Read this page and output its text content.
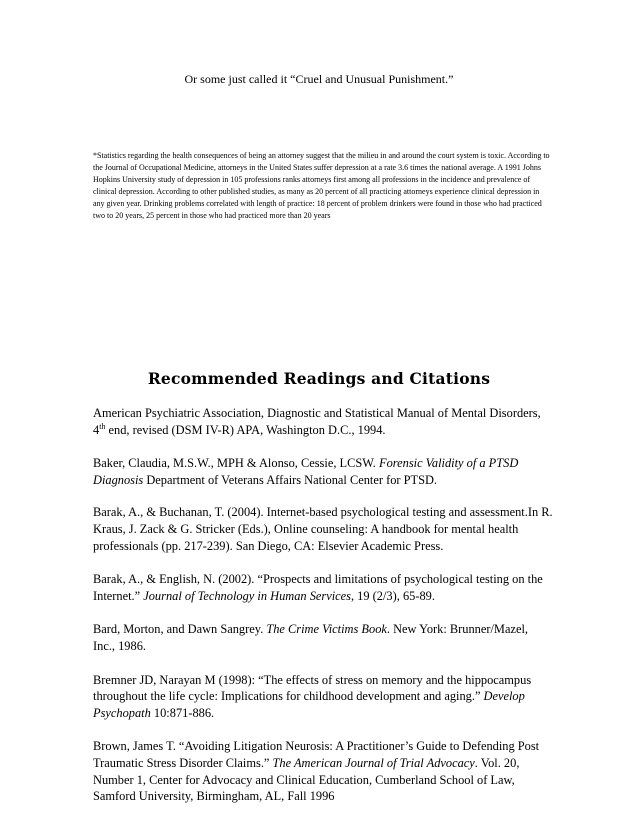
Or some just called it “Cruel and Unusual Punishment.”
*Statistics regarding the health consequences of being an attorney suggest that the milieu in and around the court system is toxic. According to the Journal of Occupational Medicine, attorneys in the United States suffer depression at a rate 3.6 times the national average. A 1991 Johns Hopkins University study of depression in 105 professions ranks attorneys first among all professions in the incidence and prevalence of clinical depression. According to other published studies, as many as 20 percent of all practicing attorneys experience clinical depression in any given year. Drinking problems correlated with length of practice: 18 percent of problem drinkers were found in those who had practiced two to 20 years, 25 percent in those who had practiced more than 20 years
Recommended Readings and Citations
American Psychiatric Association, Diagnostic and Statistical Manual of Mental Disorders, 4th end, revised (DSM IV-R) APA, Washington D.C., 1994.
Baker, Claudia, M.S.W., MPH & Alonso, Cessie, LCSW. Forensic Validity of a PTSD Diagnosis Department of Veterans Affairs National Center for PTSD.
Barak, A., & Buchanan, T. (2004). Internet-based psychological testing and assessment.In R. Kraus, J. Zack & G. Stricker (Eds.), Online counseling: A handbook for mental health professionals (pp. 217-239). San Diego, CA: Elsevier Academic Press.
Barak, A., & English, N. (2002). “Prospects and limitations of psychological testing on the Internet.” Journal of Technology in Human Services, 19 (2/3), 65-89.
Bard, Morton, and Dawn Sangrey. The Crime Victims Book. New York: Brunner/Mazel, Inc., 1986.
Bremner JD, Narayan M (1998): “The effects of stress on memory and the hippocampus throughout the life cycle: Implications for childhood development and aging.” Develop Psychopath 10:871-886.
Brown, James T. “Avoiding Litigation Neurosis: A Practitioner’s Guide to Defending Post Traumatic Stress Disorder Claims.” The American Journal of Trial Advocacy. Vol. 20, Number 1, Center for Advocacy and Clinical Education, Cumberland School of Law, Samford University, Birmingham, AL, Fall 1996
